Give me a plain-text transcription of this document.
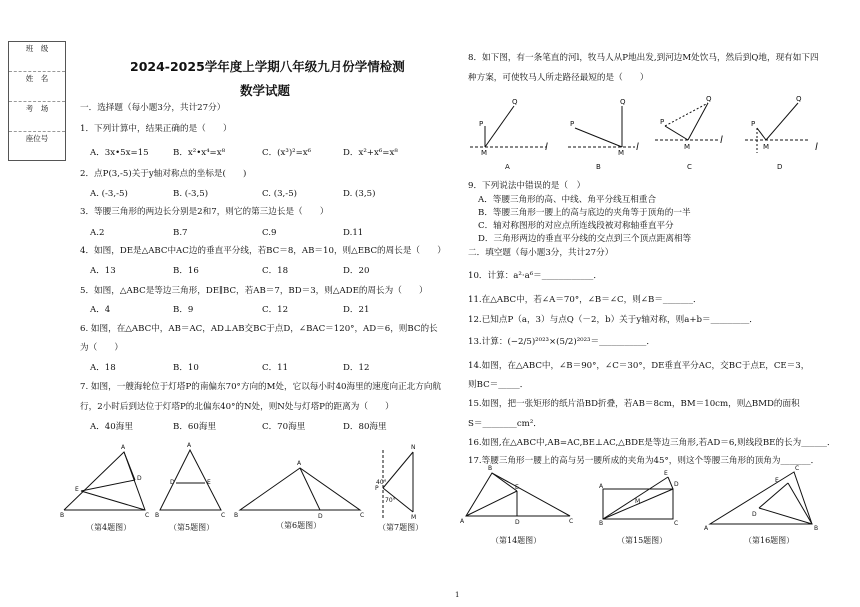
班　级
姓　名
考　场
座位号
2024-2025学年度上学期八年级九月份学情检测
数学试题
一．选择题（每小题3分，共计27分）
1．下列计算中，结果正确的是（　　）
A．3x•5x=15	B．x²•x⁴=x⁸	C．(x³)²=x⁶	D．x²+x⁶=x⁸
2．点P(3,-5)关于y轴对称点的坐标是(　　)
A. (-3,-5)	B. (-3,5)	C. (3,-5)	D. (3,5)
3．等腰三角形的两边长分别是2和7，则它的第三边长是（　　）
A.2	B.7	C.9	D.11
4．如图，DE是△ABC中AC边的垂直平分线，若BC＝8，AB＝10，则△EBC的周长是（　　）
A．13	B．16	C．18	D．20
5．如图，△ABC是等边三角形，DE∥BC，若AB＝7，BD＝3，则△ADE的周长为（　　）
A．4	B．9	C．12	D．21
6. 如图，在△ABC中，AB＝AC，AD⊥AB交BC于点D，∠BAC＝120°，AD＝6，则BC的长
为（　　）
A．18	B．10	C．11	D．12
7. 如图，一艘海轮位于灯塔P的南偏东70°方向的M处，它以每小时40海里的速度向正北方向航
行，2小时后到达位于灯塔P的北偏东40°的N处，则N处与灯塔P的距离为（　　）
A．40海里	B．60海里	C．70海里	D．80海里
A
B	C
D
E
A
B	C
D	E
A
B	C
D
N
P
M
40°
70°
（第4题图）	（第5题图）	（第6题图）	（第7题图）
8．如下图，有一条笔直的河l，牧马人从P地出发,到河边M处饮马，然后到Q地，现有如下四
种方案，可使牧马人所走路径最短的是（　　）
P
Q
M	l
A
P
Q
M l
B
P
Q
M
l
C
P
Q
M	l
D
9．下列说法中错误的是（　）
A．等腰三角形的高、中线、角平分线互相重合
B．等腰三角形一腰上的高与底边的夹角等于顶角的一半
C．轴对称图形的对应点所连线段被对称轴垂直平分
D．三角形两边的垂直平分线的交点到三个顶点距离相等
二．填空题（每小题3分，共计27分）
10．计算：a²·a⁶＝____________．
11.在△ABC中，若∠A＝70°，∠B＝∠C，则∠B＝_______．
12.已知点P（a，3）与点Q（－2，b）关于y轴对称，则a+b＝_________．
13.计算：(−2/5)²⁰²³×(5/2)²⁰²³＝___________．
14.如图，在△ABC中，∠B＝90°，∠C＝30°，DE垂直平分AC，交BC于点E，CE＝3，
则BC＝_____．
15.如图，把一张矩形的纸片沿BD折叠，若AB＝8cm，BM＝10cm，则△BMD的面积
S＝________cm²．
16.如图,在△ABC中,AB=AC,BE⊥AC,△BDE是等边三角形,若AD＝6,则线段BE的长为______．
17.等腰三角形一腰上的高与另一腰所成的夹角为45°，则这个等腰三角形的顶角为_______．
B
A	C
E
D
A
B
D
C
E
M
C
A	B
E
D
（第14题图）	（第15题图）	（第16题图）
1
